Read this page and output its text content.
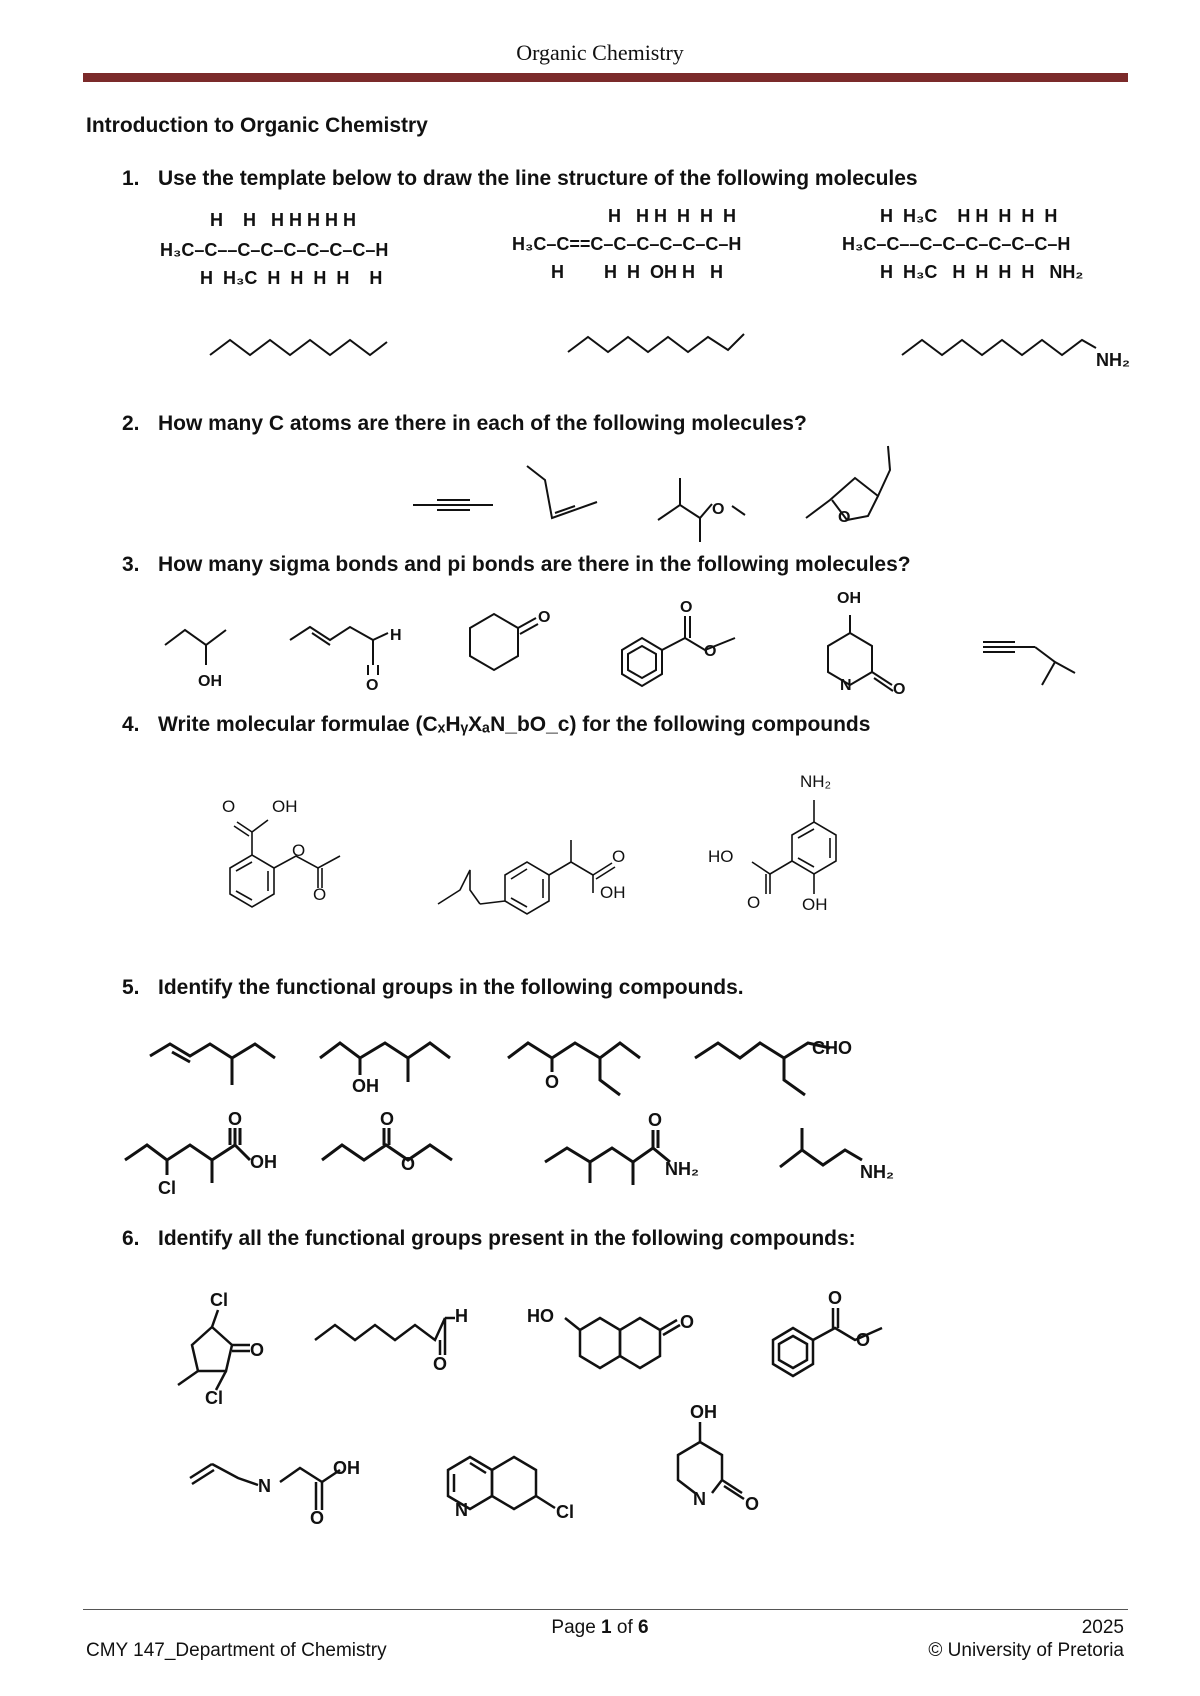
Organic Chemistry
Introduction to Organic Chemistry
1. Use the template below to draw the line structure of the following molecules
2. How many C atoms are there in each of the following molecules?
3. How many sigma bonds and pi bonds are there in the following molecules?
4. Write molecular formulae (CₓHᵧXₐN_bO_c) for the following compounds
5. Identify the functional groups in the following compounds.
6. Identify all the functional groups present in the following compounds:
NH₂
O	O
OH
H
O
O
O
O
OH
N	O
O OH
O
O
O
OH
NH₂
HO
O OH
OH	O
CHO
Cl
O
OH
O
O
O
NH₂	NH₂
Cl
O
Cl
H
O
HO	O
O
O
N
OH
O	N	Cl
OH
N O
H    H   H H H H H
H₃C–C––C–C–C–C–C–C–H
H  H₃C  H  H  H  H    H
H   H H  H  H  H
H₃C–C==C–C–C–C–C–C–H
H        H  H  OH H   H
H  H₃C    H H  H  H  H
H₃C–C––C–C–C–C–C–C–H
H  H₃C   H  H  H  H   NH₂
Page 1 of 6	2025
CMY 147_Department of Chemistry	© University of Pretoria
